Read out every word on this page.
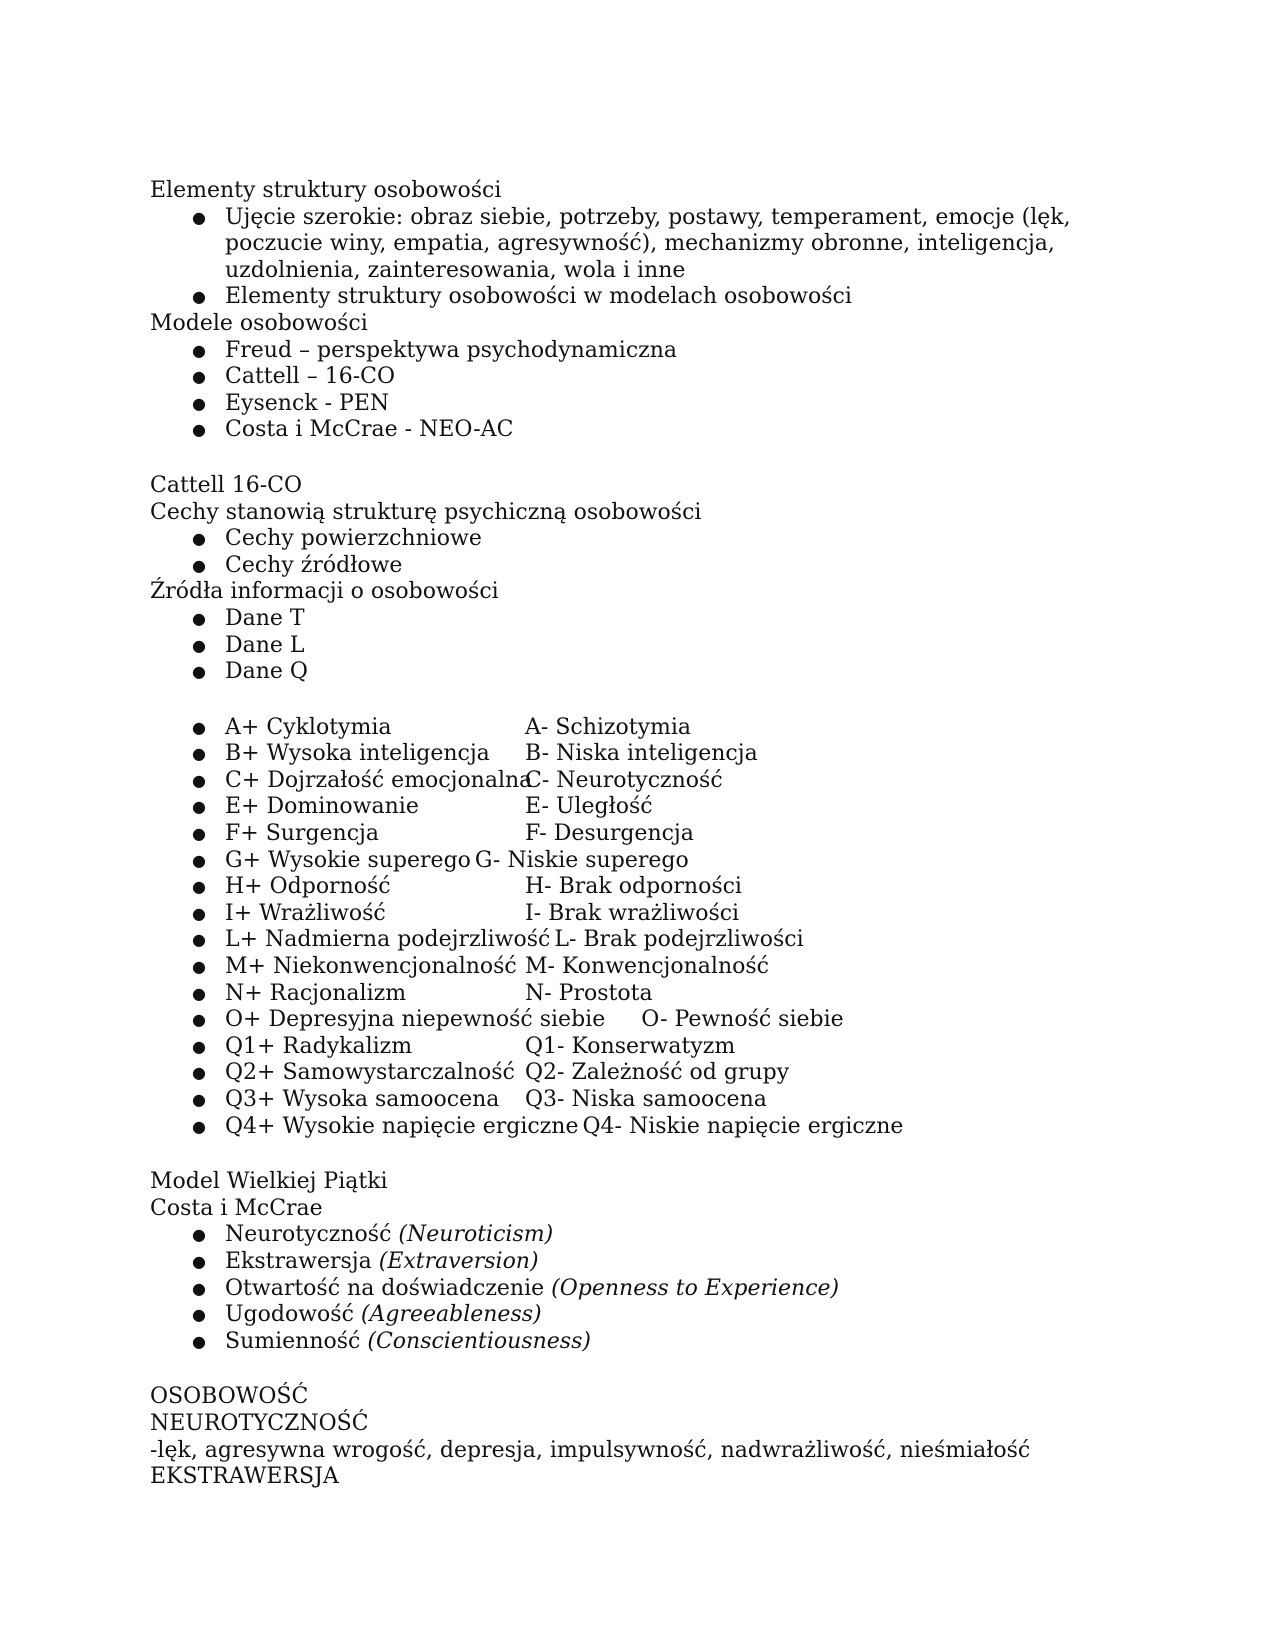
Elementy struktury osobowości
● Ujęcie szerokie: obraz siebie, potrzeby, postawy, temperament, emocje (lęk, poczucie winy, empatia, agresywność), mechanizmy obronne, inteligencja, uzdolnienia, zainteresowania, wola i inne
● Elementy struktury osobowości w modelach osobowości
Modele osobowości
● Freud – perspektywa psychodynamiczna
● Cattell – 16-CO
● Eysenck - PEN
● Costa i McCrae - NEO-AC
Cattell 16-CO
Cechy stanowią strukturę psychiczną osobowości
● Cechy powierzchniowe
● Cechy źródłowe
Źródła informacji o osobowości
● Dane T
● Dane L
● Dane Q
● A+ Cyklotymia	A- Schizotymia
● B+ Wysoka inteligencja B- Niska inteligencja
● C+ Dojrzałość emocjonalnaC- Neurotyczność
● E+ Dominowanie	E- Uległość
● F+ Surgencja	F- Desurgencja
● G+ Wysokie superego G- Niskie superego
● H+ Odporność	H- Brak odporności
● I+ Wrażliwość	I- Brak wrażliwości
● L+ Nadmierna podejrzliwość L- Brak podejrzliwości
● M+ Niekonwencjonalność M- Konwencjonalność
● N+ Racjonalizm	N- Prostota
● O+ Depresyjna niepewność siebie O- Pewność siebie
● Q1+ Radykalizm	Q1- Konserwatyzm
● Q2+ Samowystarczalność Q2- Zależność od grupy
● Q3+ Wysoka samoocena Q3- Niska samoocena
● Q4+ Wysokie napięcie ergiczne Q4- Niskie napięcie ergiczne
Model Wielkiej Piątki
Costa i McCrae
● Neurotyczność (Neuroticism)
● Ekstrawersja (Extraversion)
● Otwartość na doświadczenie (Openness to Experience)
● Ugodowość (Agreeableness)
● Sumienność (Conscientiousness)
OSOBOWOŚĆ
NEUROTYCZNOŚĆ
-lęk, agresywna wrogość, depresja, impulsywność, nadwrażliwość, nieśmiałość
EKSTRAWERSJA
